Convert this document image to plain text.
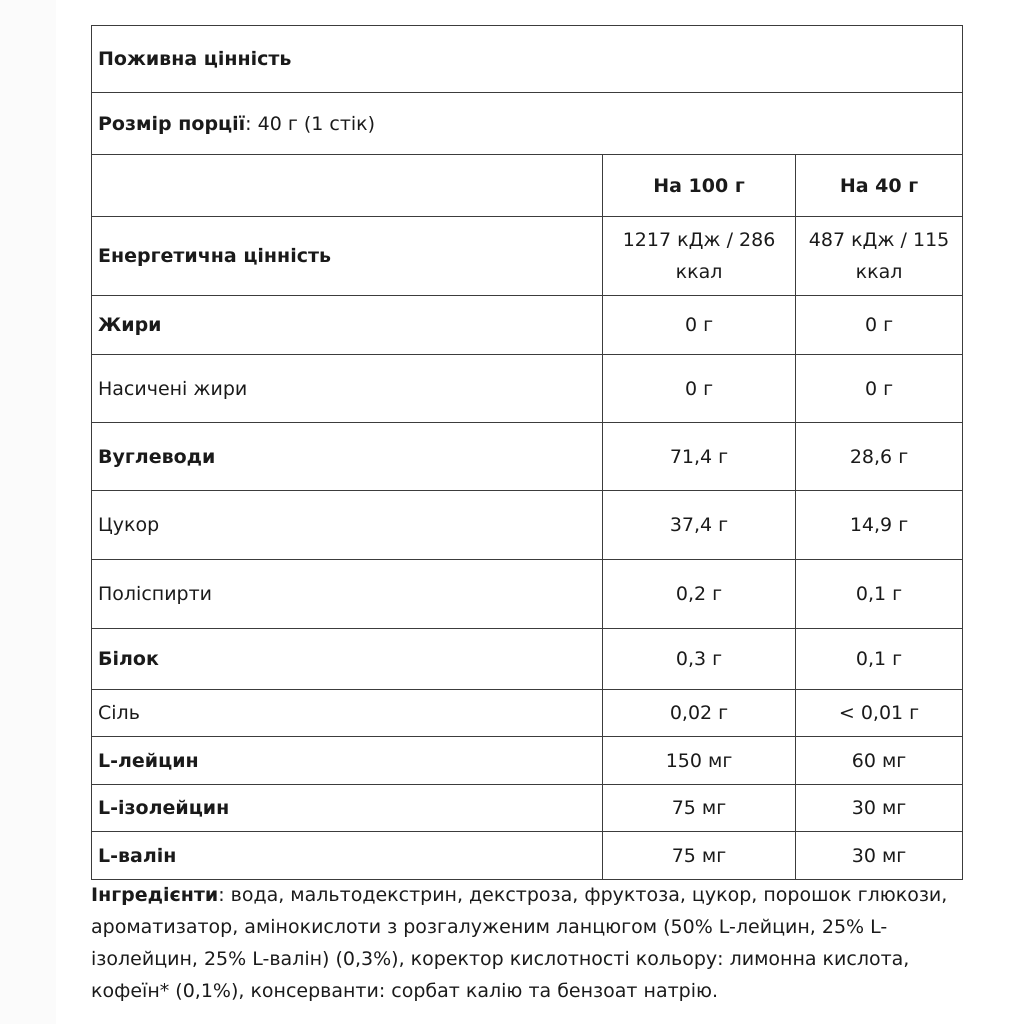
Поживна цінність		
Розмір порції: 40 г (1 стік)		
	На 100 г	На 40 г
Енергетична цінність	1217 кДж / 286 ккал	487 кДж / 115 ккал
Жири	0 г	0 г
Насичені жири	0 г	0 г
Вуглеводи	71,4 г	28,6 г
Цукор	37,4 г	14,9 г
Поліспирти	0,2 г	0,1 г
Білок	0,3 г	0,1 г
Сіль	0,02 г	< 0,01 г
L-лейцин	150 мг	60 мг
L-ізолейцин	75 мг	30 мг
L-валін	75 мг	30 мг

Інгредієнти: вода, мальтодекстрин, декстроза, фруктоза, цукор, порошок глюкози, ароматизатор, амінокислоти з розгалуженим ланцюгом (50% L-лейцин, 25% L-ізолейцин, 25% L-валін) (0,3%), коректор кислотності кольору: лимонна кислота, кофеїн* (0,1%), консерванти: сорбат калію та бензоат натрію.
